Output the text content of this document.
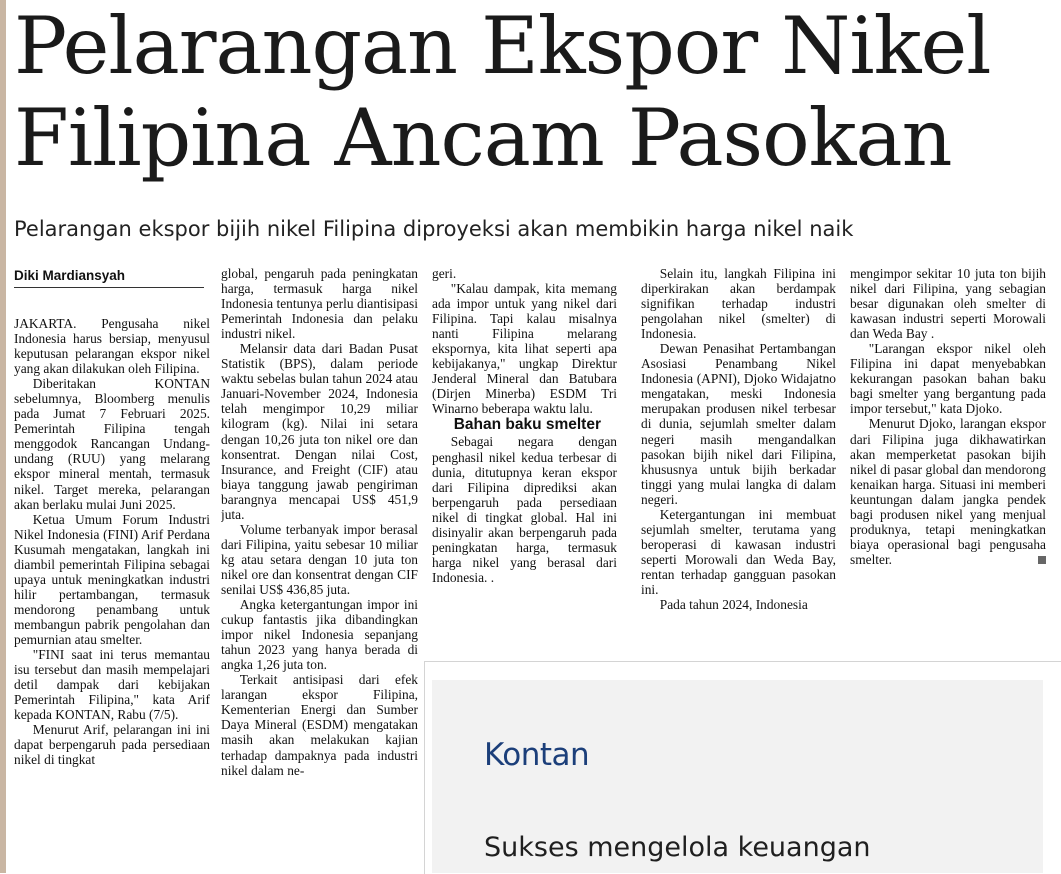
Pelarangan Ekspor Nikel
Filipina Ancam Pasokan

Pelarangan ekspor bijih nikel Filipina diproyeksi akan membikin harga nikel naik

Diki Mardiansyah

JAKARTA. Pengusaha nikel Indonesia harus bersiap, menyusul keputusan pelarangan ekspor nikel yang akan dilakukan oleh Filipina.

Diberitakan KONTAN sebelumnya, Bloomberg menulis pada Jumat 7 Februari 2025. Pemerintah Filipina tengah menggodok Rancangan Undang-undang (RUU) yang melarang ekspor mineral mentah, termasuk nikel. Target mereka, pelarangan akan berlaku mulai Juni 2025.

Ketua Umum Forum Industri Nikel Indonesia (FINI) Arif Perdana Kusumah mengatakan, langkah ini diambil pemerintah Filipina sebagai upaya untuk meningkatkan industri hilir pertambangan, termasuk mendorong penambang untuk membangun pabrik pengolahan dan pemurnian atau smelter.

"FINI saat ini terus memantau isu tersebut dan masih mempelajari detil dampak dari kebijakan Pemerintah Filipina," kata Arif kepada KONTAN, Rabu (7/5).

Menurut Arif, pelarangan ini ini dapat berpengaruh pada persediaan nikel di tingkat

global, pengaruh pada peningkatan harga, termasuk harga nikel Indonesia tentunya perlu diantisipasi Pemerintah Indonesia dan pelaku industri nikel.

Melansir data dari Badan Pusat Statistik (BPS), dalam periode waktu sebelas bulan tahun 2024 atau Januari-November 2024, Indonesia telah mengimpor 10,29 miliar kilogram (kg). Nilai ini setara dengan 10,26 juta ton nikel ore dan konsentrat. Dengan nilai Cost, Insurance, and Freight (CIF) atau biaya tanggung jawab pengiriman barangnya mencapai US$ 451,9 juta.

Volume terbanyak impor berasal dari Filipina, yaitu sebesar 10 miliar kg atau setara dengan 10 juta ton nikel ore dan konsentrat dengan CIF senilai US$ 436,85 juta.

Angka ketergantungan impor ini cukup fantastis jika dibandingkan impor nikel Indonesia sepanjang tahun 2023 yang hanya berada di angka 1,26 juta ton.

Terkait antisipasi dari efek larangan ekspor Filipina, Kementerian Energi dan Sumber Daya Mineral (ESDM) mengatakan masih akan melakukan kajian terhadap dampaknya pada industri nikel dalam ne-

geri.

"Kalau dampak, kita memang ada impor untuk yang nikel dari Filipina. Tapi kalau misalnya nanti Filipina melarang ekspornya, kita lihat seperti apa kebijakanya," ungkap Direktur Jenderal Mineral dan Batubara (Dirjen Minerba) ESDM Tri Winarno beberapa waktu lalu.

Bahan baku smelter

Sebagai negara dengan penghasil nikel kedua terbesar di dunia, ditutupnya keran ekspor dari Filipina diprediksi akan berpengaruh pada persediaan nikel di tingkat global. Hal ini disinyalir akan berpengaruh pada peningkatan harga, termasuk harga nikel yang berasal dari Indonesia. .

Selain itu, langkah Filipina ini diperkirakan akan berdampak signifikan terhadap industri pengolahan nikel (smelter) di Indonesia.

Dewan Penasihat Pertambangan Asosiasi Penambang Nikel Indonesia (APNI), Djoko Widajatno mengatakan, meski Indonesia merupakan produsen nikel terbesar di dunia, sejumlah smelter dalam negeri masih mengandalkan pasokan bijih nikel dari Filipina, khususnya untuk bijih berkadar tinggi yang mulai langka di dalam negeri.

Ketergantungan ini membuat sejumlah smelter, terutama yang beroperasi di kawasan industri seperti Morowali dan Weda Bay, rentan terhadap gangguan pasokan ini.

Pada tahun 2024, Indonesia

mengimpor sekitar 10 juta ton bijih nikel dari Filipina, yang sebagian besar digunakan oleh smelter di kawasan industri seperti Morowali dan Weda Bay .

"Larangan ekspor nikel oleh Filipina ini dapat menyebabkan kekurangan pasokan bahan baku bagi smelter yang bergantung pada impor tersebut," kata Djoko.

Menurut Djoko, larangan ekspor dari Filipina juga dikhawatirkan akan memperketat pasokan bijih nikel di pasar global dan mendorong kenaikan harga. Situasi ini memberi keuntungan dalam jangka pendek bagi produsen nikel yang menjual produknya, tetapi meningkatkan biaya operasional bagi pengusaha smelter.

Kontan
Sukses mengelola keuangan
